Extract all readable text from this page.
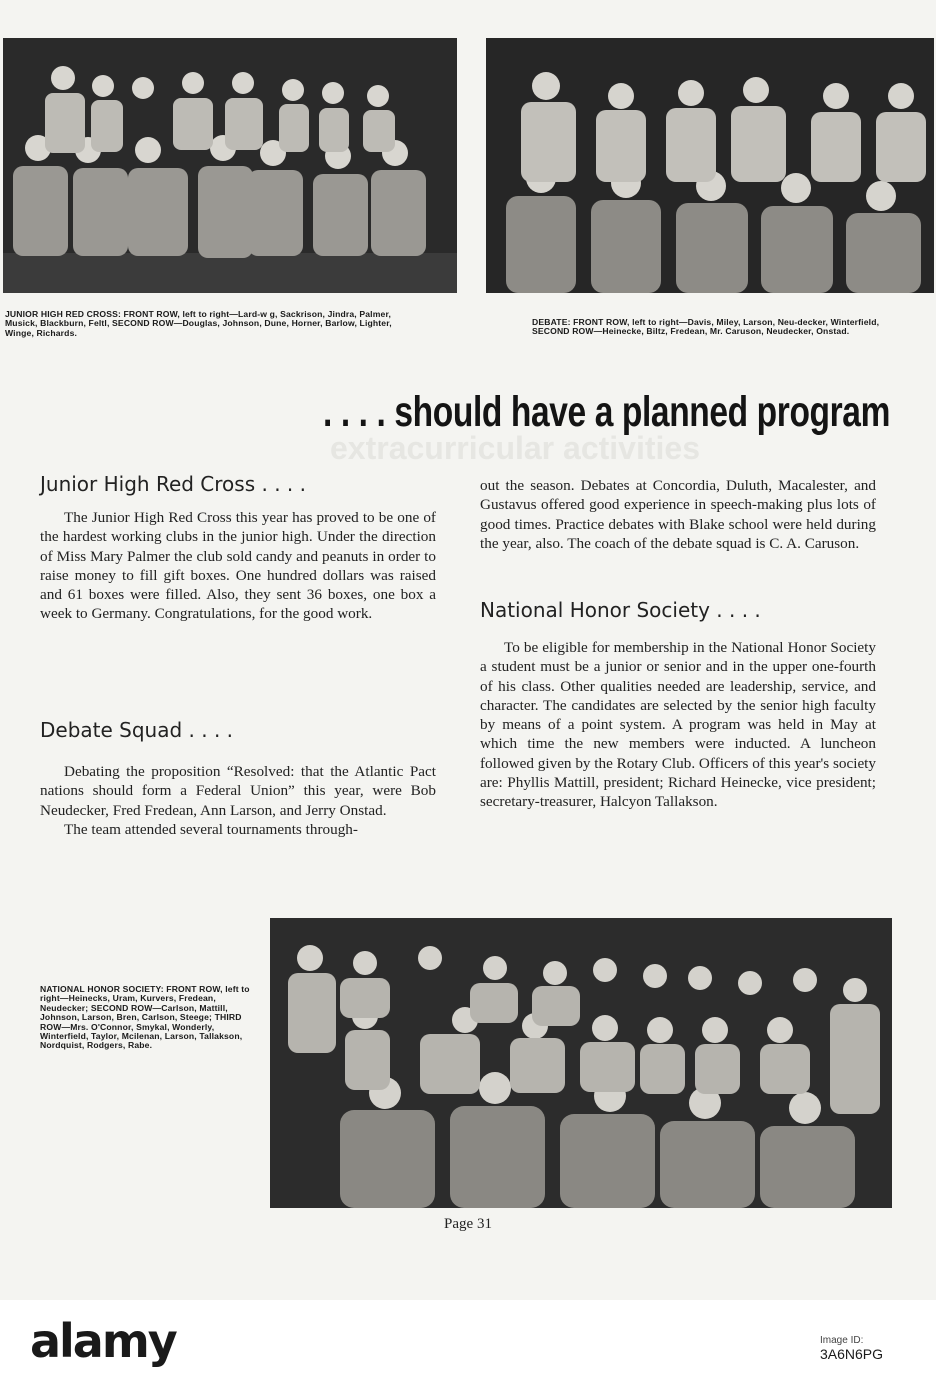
JUNIOR HIGH RED CROSS: FRONT ROW, left to right—Lard-w g, Sackrison, Jindra, Palmer, Musick, Blackburn, Feltl, SECOND ROW—Douglas, Johnson, Dune, Horner, Barlow, Lighter, Winge, Richards.
DEBATE: FRONT ROW, left to right—Davis, Miley, Larson, Neu-decker, Winterfield, SECOND ROW—Heinecke, Biltz, Fredean, Mr. Caruson, Neudecker, Onstad.
extracurricular activities
. . . . should have a planned program
Junior High Red Cross . . . .

The Junior High Red Cross this year has proved to be one of the hardest working clubs in the junior high. Under the direction of Miss Mary Palmer the club sold candy and peanuts in order to raise money to fill gift boxes. One hundred dollars was raised and 61 boxes were filled. Also, they sent 36 boxes, one box a week to Germany. Congratulations, for the good work.

Debate Squad . . . .

Debating the proposition “Resolved: that the Atlantic Pact nations should form a Federal Union” this year, were Bob Neudecker, Fred Fredean, Ann Larson, and Jerry Onstad.

The team attended several tournaments through-

out the season. Debates at Concordia, Duluth, Macalester, and Gustavus offered good experience in speech-making plus lots of good times. Practice debates with Blake school were held during the year, also. The coach of the debate squad is C. A. Caruson.

National Honor Society . . . .

To be eligible for membership in the National Honor Society a student must be a junior or senior and in the upper one-fourth of his class. Other qualities needed are leadership, service, and character. The candidates are selected by the senior high faculty by means of a point system. A program was held in May at which time the new members were inducted. A luncheon followed given by the Rotary Club. Officers of this year's society are: Phyllis Mattill, president; Richard Heinecke, vice president; secretary-treasurer, Halcyon Tallakson.

NATIONAL HONOR SOCIETY: FRONT ROW, left to right—Heinecks, Uram, Kurvers, Fredean, Neudecker; SECOND ROW—Carlson, Mattill, Johnson, Larson, Bren, Carlson, Steege; THIRD ROW—Mrs. O'Connor, Smykal, Wonderly, Winterfield, Taylor, Mcilenan, Larson, Tallakson, Nordquist, Rodgers, Rabe.
Page 31
alamy	Image ID:
3A6N6PG
